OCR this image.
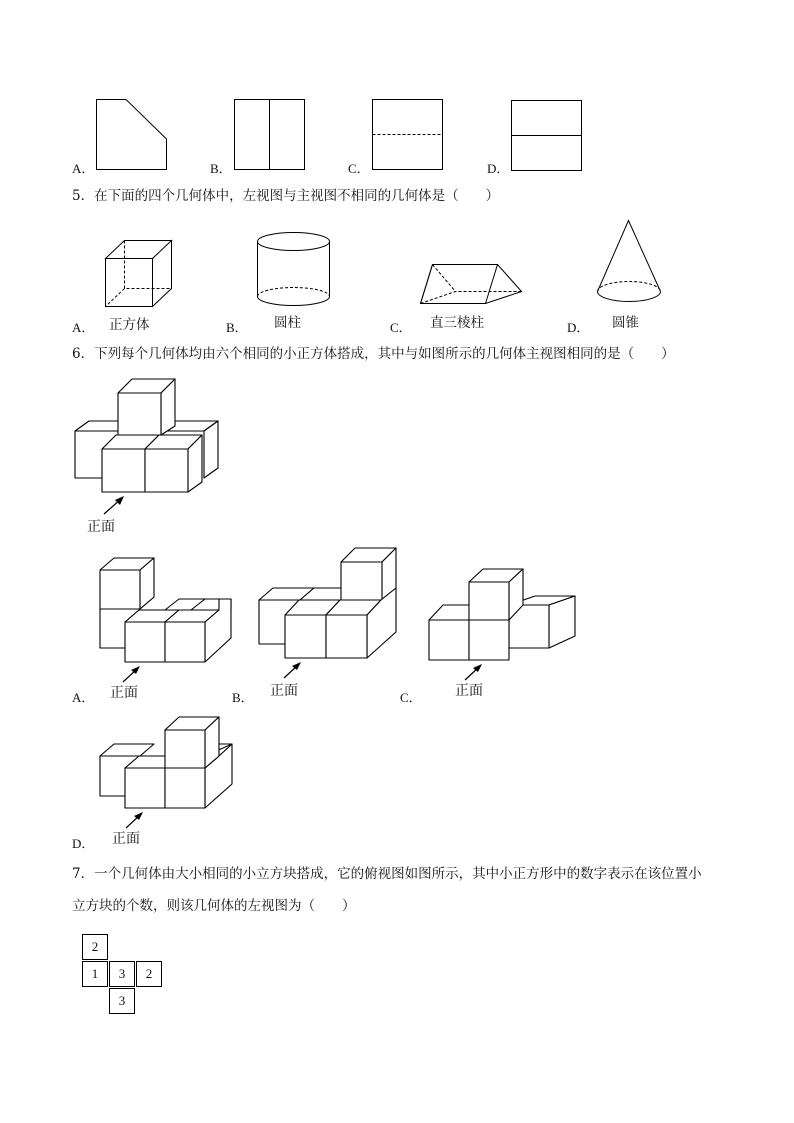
A．	B．	C．	D．
5．在下面的四个几何体中，左视图与主视图不相同的几何体是（　　）
A． 正方体	B． 圆柱	C． 直三棱柱	D． 圆锥
6．下列每个几何体均由六个相同的小正方体搭成，其中与如图所示的几何体主视图相同的是（　　）
正面
正面
A．	正面
B．	正面
C．
正面
D．
7．一个几何体由大小相同的小立方块搭成，它的俯视图如图所示，其中小正方形中的数字表示在该位置小
立方块的个数，则该几何体的左视图为（　　）
2
1	3	2
3
